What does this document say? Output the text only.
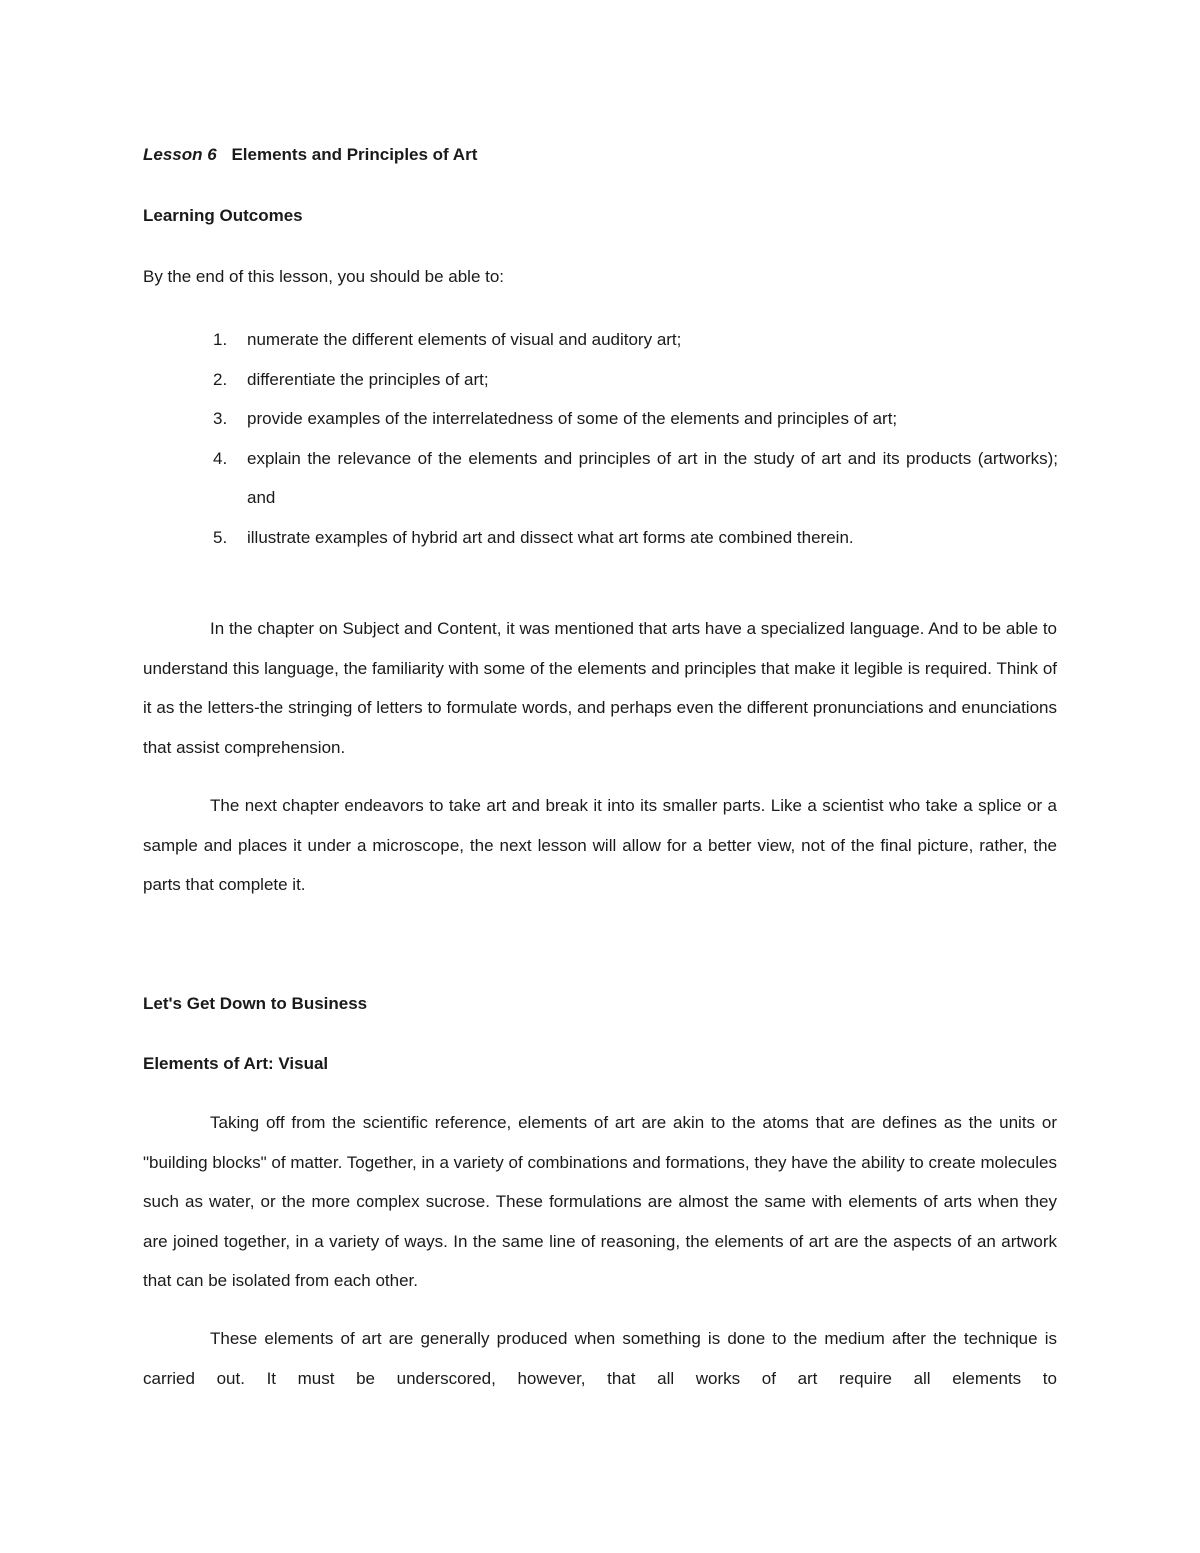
Lesson 6 Elements and Principles of Art
Learning Outcomes
By the end of this lesson, you should be able to:
1. numerate the different elements of visual and auditory art;
2. differentiate the principles of art;
3. provide examples of the interrelatedness of some of the elements and principles of art;
4. explain the relevance of the elements and principles of art in the study of art and its products (artworks); and
5. illustrate examples of hybrid art and dissect what art forms ate combined therein.

In the chapter on Subject and Content, it was mentioned that arts have a specialized language. And to be able to understand this language, the familiarity with some of the elements and principles that make it legible is required. Think of it as the letters-the stringing of letters to formulate words, and perhaps even the different pronunciations and enunciations that assist comprehension.

The next chapter endeavors to take art and break it into its smaller parts. Like a scientist who take a splice or a sample and places it under a microscope, the next lesson will allow for a better view, not of the final picture, rather, the parts that complete it.

Let's Get Down to Business
Elements of Art: Visual

Taking off from the scientific reference, elements of art are akin to the atoms that are defines as the units or "building blocks" of matter. Together, in a variety of combinations and formations, they have the ability to create molecules such as water, or the more complex sucrose. These formulations are almost the same with elements of arts when they are joined together, in a variety of ways. In the same line of reasoning, the elements of art are the aspects of an artwork that can be isolated from each other.

These elements of art are generally produced when something is done to the medium after the technique is carried out. It must be underscored, however, that all works of art require all elements to
